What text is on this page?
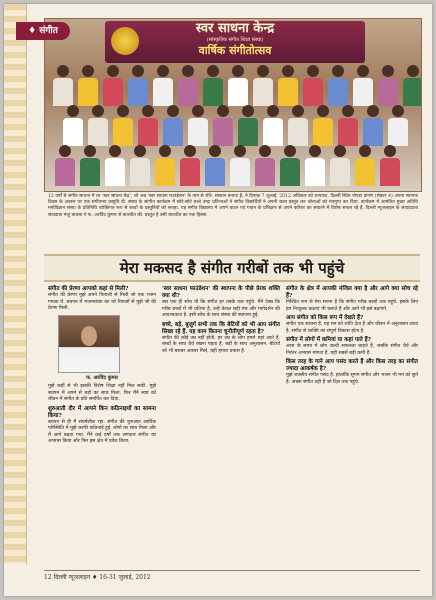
स्वर साधना केन्द्र
(सांस्कृतिक संगीत शिक्षा संस्था)
वार्षिक संगीतोत्सव
♦ संगीत
12 वर्षों से संगीत साधना में रत 'स्वर साधना केंद्र', जो अब 'स्वर साधना फाउंडेशन' के नाम से रजि. संस्थान बनाया है, ने दिनांक 7 जुलाई, 2012 अधिकार को धन्यवाद, दिल्ली स्थित नोएडा प्रांगण (सेक्टर 4) अपना स्थापना दिवस के अवसर पर एक संगीतमय प्रस्तुति दी. संस्था के सांगीत कार्यक्रम में छोटे-छोटे बच्चे उम्दा प्रतिभाओं ने संगीत विद्यार्थियों ने अपनी कला प्रस्तुत कर श्रोताओं को मंत्रमुग्ध कर दिया. कार्यक्रम में आमंत्रित मुख्य अतिथि मनोविज्ञान संस्था के प्रतिनिधि व्यक्तिगत रूप से बच्चों के प्रस्तुतियों को सराहा. यह संगीत विद्यालय में अपने वादन एवं गायन के प्रशिक्षण से अपने करियर का संवारने में विशेष सफल रहे हैं. दिल्ली न्यूजलाइन के संवाददाता संवादाता मंजु चावला ने फ. अरविंद कुमार से बातचीत की. प्रस्तुत है उसी बातचीत का एक हिस्सा.
मेरा मकसद है संगीत गरीबों तक भी पहुंचे
संगीत की प्रेरणा आपको कहां से मिली?
संगीत की प्रेरणा मुझे अपने पिताजी से मिली जो एक भजन गायक थे. बचपन में भजनसंध्या का जो रिवाजों से मुझे जी की प्रेरणा मिली.
फ. अरविंद कुमार
मुझे कहीं से भी इसकी विशेष शिक्षा नहीं मिल सकी. मुझे बचपन में अपने से बड़ों का साथ मिला. फिर मैंने स्वयं को जीवन में संगीत के प्रति समर्पित कर दिया.
शुरुआती दौर में आपने किन कठिनाइयों का सामना किया?
बचपन से ही मैं संघर्षशील रहा. संगीत की शुरुआत आर्थिक परिस्थिति में मुझे काफी कठिनाई हुई. लोगों का साथ मिला और मैं आगे बढ़ता गया. मैंने कई वर्षों तक लगातार संगीत का अभ्यास किया और फिर इस क्षेत्र में प्रवेश किया.
'स्वर साधना फाउंडेशन' की स्थापना के पीछे प्रेरक शक्ति क्या थी?
बस एक ही सोच थी कि संगीत हर तबके तक पहुंचे. मैंने देखा कि गरीब बच्चों में भी प्रतिभा है, उन्हें केवल सही मंच और मार्गदर्शन की आवश्यकता है. इसी सोच के साथ संस्था की स्थापना हुई.
बच्चे, बड़े, बुजुर्ग सभी तक कि बेटियों को भी आप संगीत सिखा रहे हैं. यह काम कितना चुनौतीपूर्ण रहता है?
संगीत की कोई उम्र नहीं होती. हर उम्र के लोग हमारे यहां आते हैं. बच्चों के साथ धैर्य रखना पड़ता है, बड़ों के साथ अनुशासन. बेटियों को भी बराबर अवसर मिले, यही हमारा प्रयास है.
संगीत के क्षेत्र में आपकी मंजिल क्या है और आगे क्या सोच रहे हैं?
निश्चित रूप से मेरा सपना है कि संगीत गरीब बच्चों तक पहुंचे. इसके लिए हम निःशुल्क कक्षाएं भी चलाते हैं और आगे भी इसे बढ़ाएंगे.
आप संगीत को किस रूप में देखते हैं?
संगीत एक साधना है. यह मन को शांति देता है और जीवन में अनुशासन लाता है. संगीत से व्यक्ति का संपूर्ण विकास होता है.
संगीत में लोगों में कमियां या कहां पाते हैं?
आज के समय में लोग जल्दी सफलता चाहते हैं, जबकि संगीत धैर्य और निरंतर अभ्यास मांगता है. यही सबसे बड़ी कमी है.
किस तरह के गाने आप पसंद करते हैं और किस तरह का संगीत ज्यादा आकर्षक है?
मुझे शास्त्रीय संगीत पसंद है. हालांकि सुगम संगीत और भजन भी मन को छूते हैं. अच्छा संगीत वही है जो दिल तक पहुंचे.
12 दिल्ली न्यूजलाइन ♦ 16-31 जुलाई, 2012
